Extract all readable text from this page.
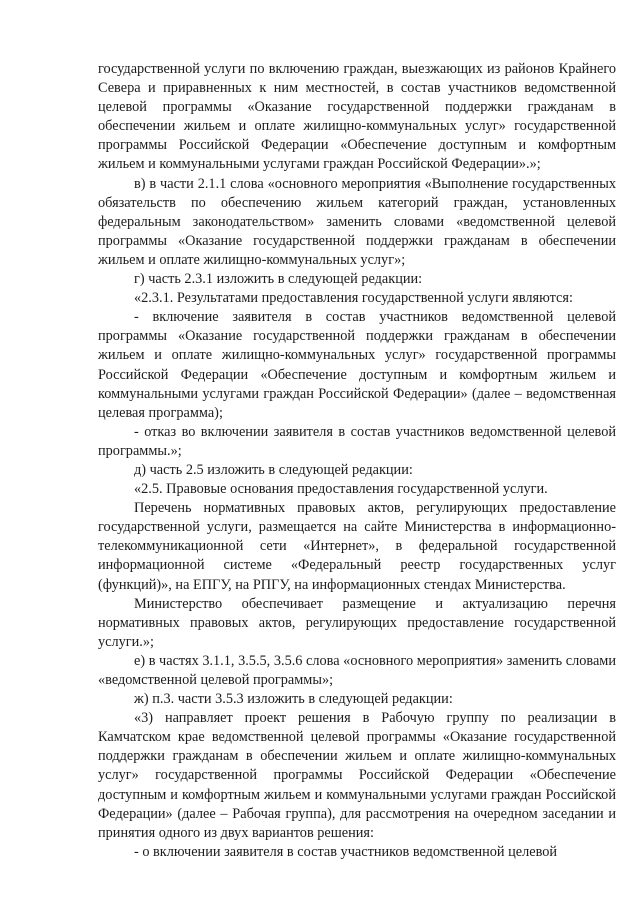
государственной услуги по включению граждан, выезжающих из районов Крайнего Севера и приравненных к ним местностей, в состав участников ведомственной целевой программы «Оказание государственной поддержки гражданам в обеспечении жильем и оплате жилищно-коммунальных услуг» государственной программы Российской Федерации «Обеспечение доступным и комфортным жильем и коммунальными услугами граждан Российской Федерации».»;

в) в части 2.1.1 слова «основного мероприятия «Выполнение государственных обязательств по обеспечению жильем категорий граждан, установленных федеральным законодательством» заменить словами «ведомственной целевой программы «Оказание государственной поддержки гражданам в обеспечении жильем и оплате жилищно-коммунальных услуг»;

г) часть 2.3.1 изложить в следующей редакции:

«2.3.1. Результатами предоставления государственной услуги являются:

- включение заявителя в состав участников ведомственной целевой программы «Оказание государственной поддержки гражданам в обеспечении жильем и оплате жилищно-коммунальных услуг» государственной программы Российской Федерации «Обеспечение доступным и комфортным жильем и коммунальными услугами граждан Российской Федерации» (далее – ведомственная целевая программа);

- отказ во включении заявителя в состав участников ведомственной целевой программы.»;

д) часть 2.5 изложить в следующей редакции:

«2.5. Правовые основания предоставления государственной услуги.

Перечень нормативных правовых актов, регулирующих предоставление государственной услуги, размещается на сайте Министерства в информационно-телекоммуникационной сети «Интернет», в федеральной государственной информационной системе «Федеральный реестр государственных услуг (функций)», на ЕПГУ, на РПГУ, на информационных стендах Министерства.

Министерство обеспечивает размещение и актуализацию перечня нормативных правовых актов, регулирующих предоставление государственной услуги.»;

е) в частях 3.1.1, 3.5.5, 3.5.6 слова «основного мероприятия» заменить словами «ведомственной целевой программы»;

ж) п.3. части 3.5.3 изложить в следующей редакции:

«3) направляет проект решения в Рабочую группу по реализации в Камчатском крае ведомственной целевой программы «Оказание государственной поддержки гражданам в обеспечении жильем и оплате жилищно-коммунальных услуг» государственной программы Российской Федерации «Обеспечение доступным и комфортным жильем и коммунальными услугами граждан Российской Федерации» (далее – Рабочая группа), для рассмотрения на очередном заседании и принятия одного из двух вариантов решения:

- о включении заявителя в состав участников ведомственной целевой
